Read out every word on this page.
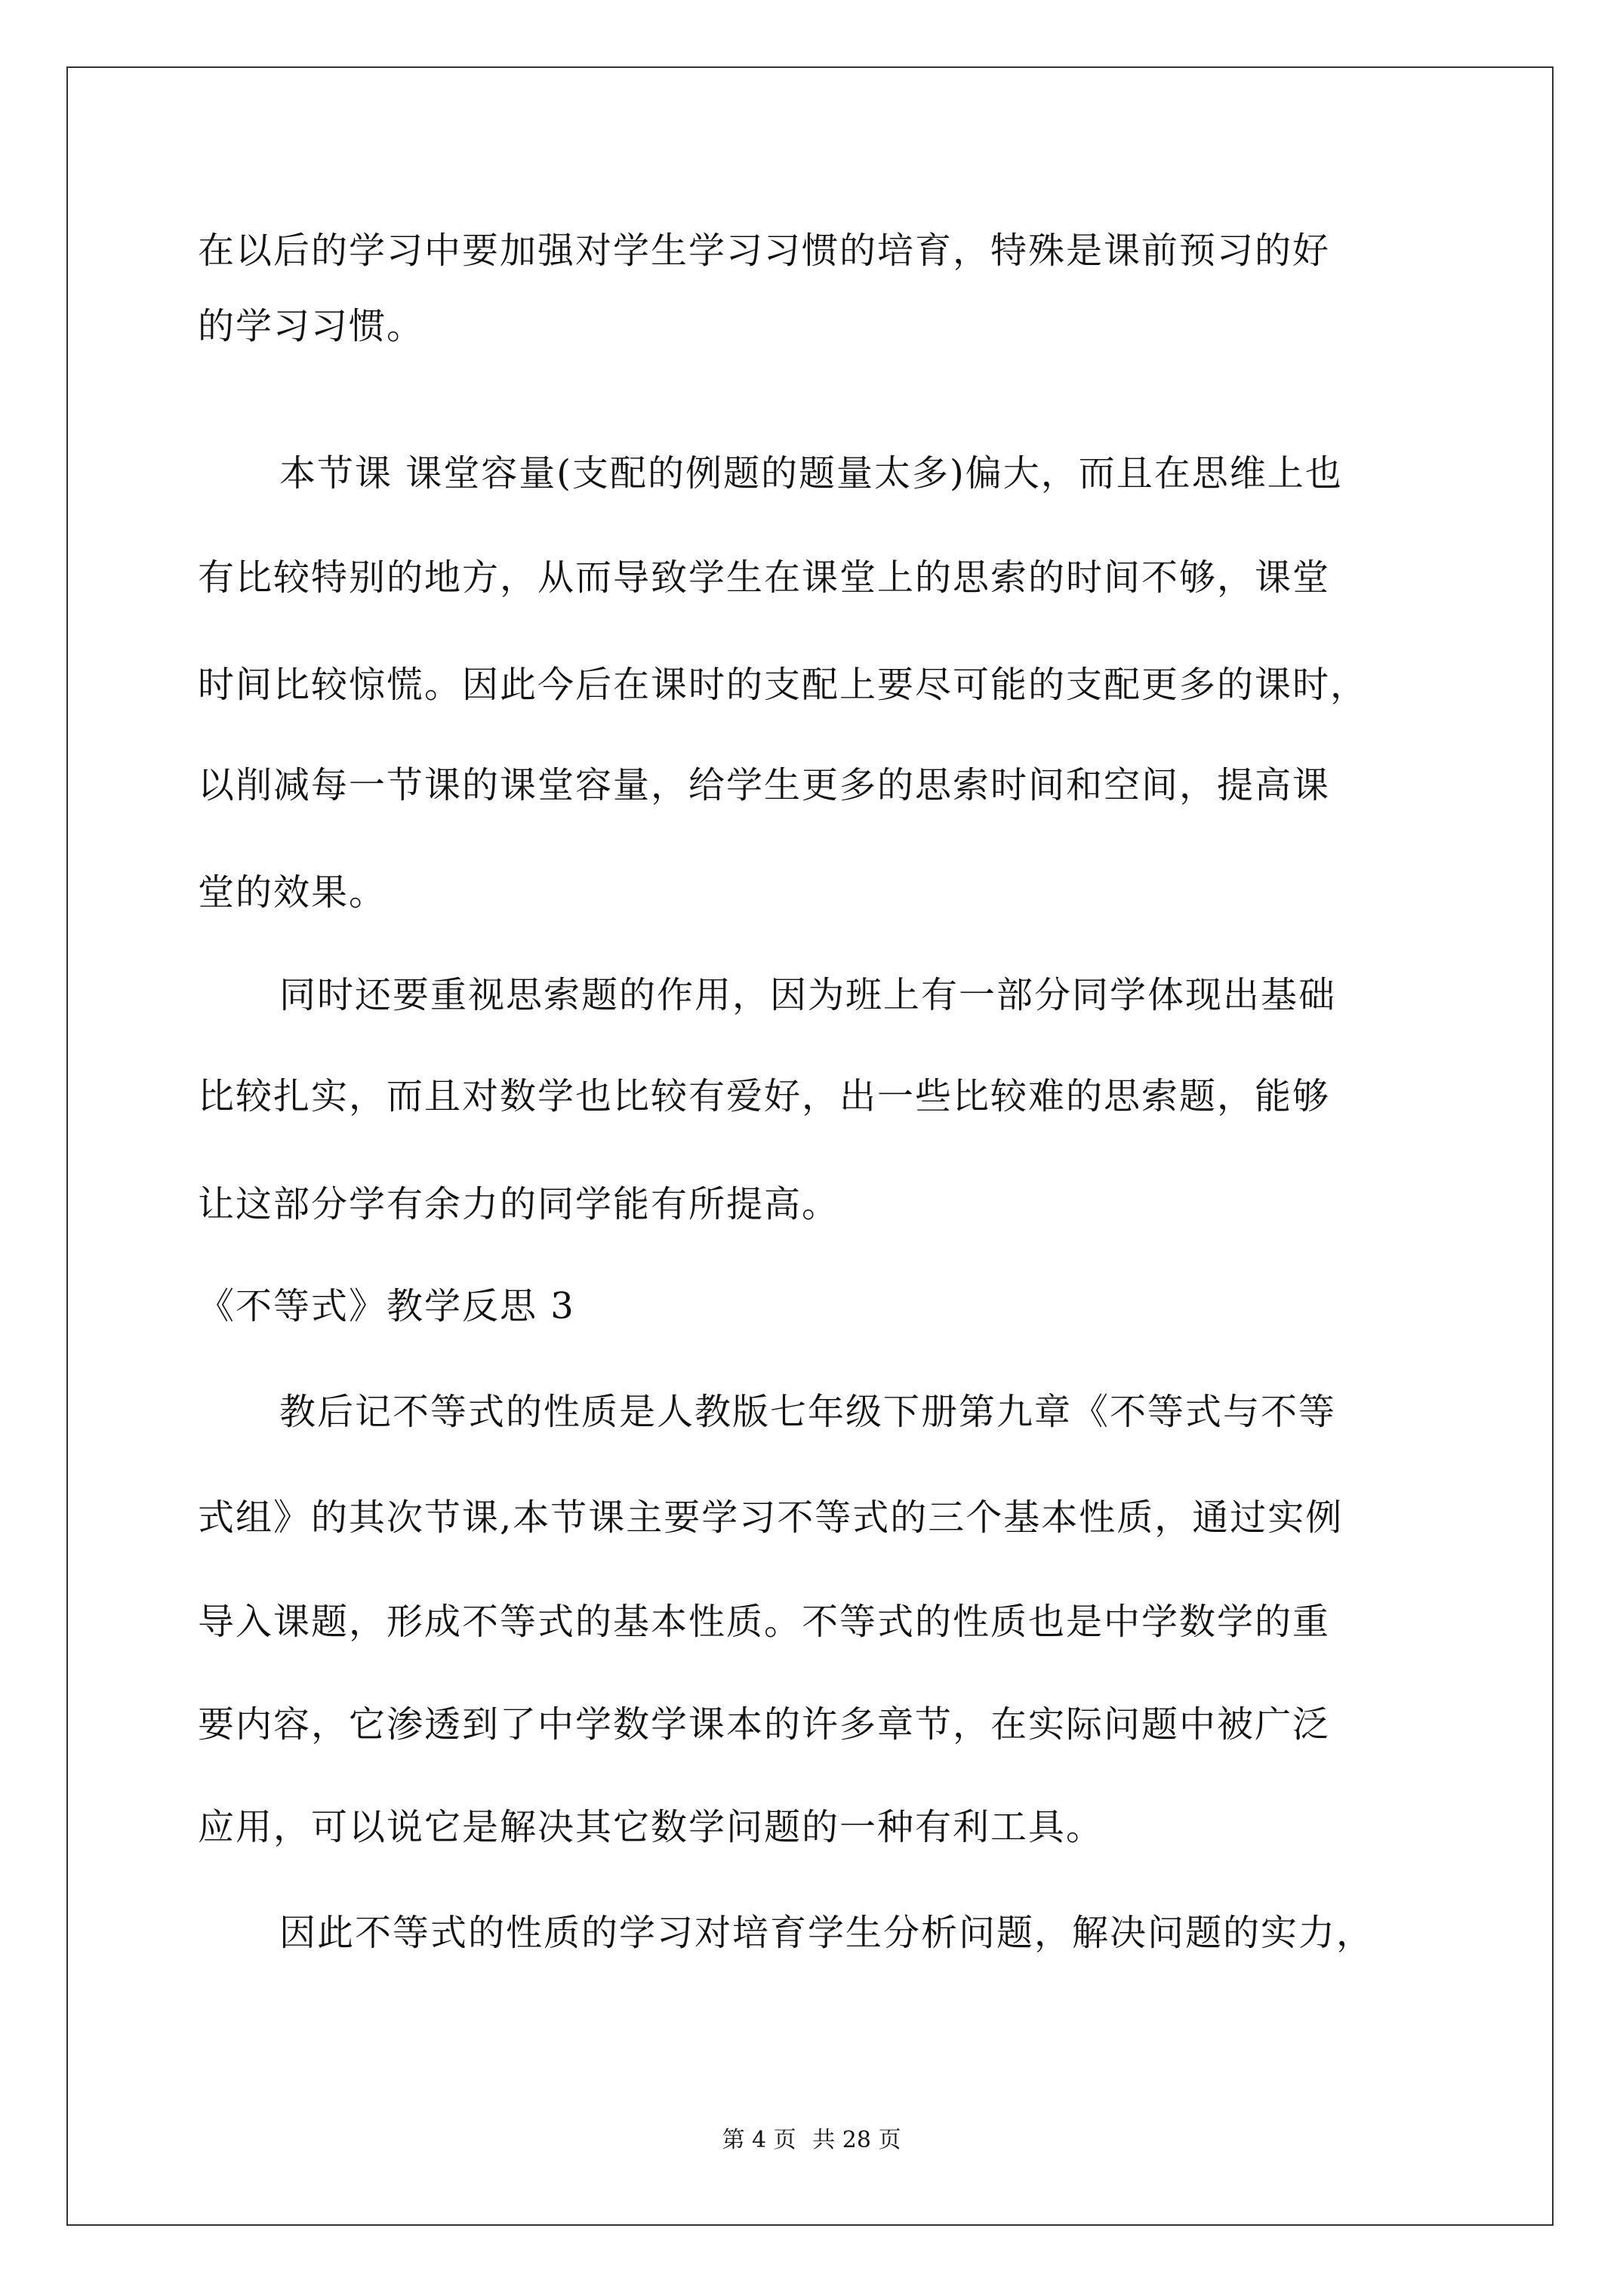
在以后的学习中要加强对学生学习习惯的培育，特殊是课前预习的好
的学习习惯。
本节课 课堂容量(支配的例题的题量太多)偏大，而且在思维上也
有比较特别的地方，从而导致学生在课堂上的思索的时间不够，课堂
时间比较惊慌。因此今后在课时的支配上要尽可能的支配更多的课时，
以削减每一节课的课堂容量，给学生更多的思索时间和空间，提高课
堂的效果。
同时还要重视思索题的作用，因为班上有一部分同学体现出基础
比较扎实，而且对数学也比较有爱好，出一些比较难的思索题，能够
让这部分学有余力的同学能有所提高。
《不等式》教学反思 3
教后记不等式的性质是人教版七年级下册第九章《不等式与不等
式组》的其次节课,本节课主要学习不等式的三个基本性质，通过实例
导入课题，形成不等式的基本性质。不等式的性质也是中学数学的重
要内容，它渗透到了中学数学课本的许多章节，在实际问题中被广泛
应用，可以说它是解决其它数学问题的一种有利工具。
因此不等式的性质的学习对培育学生分析问题，解决问题的实力，
第 4 页 共 28 页
